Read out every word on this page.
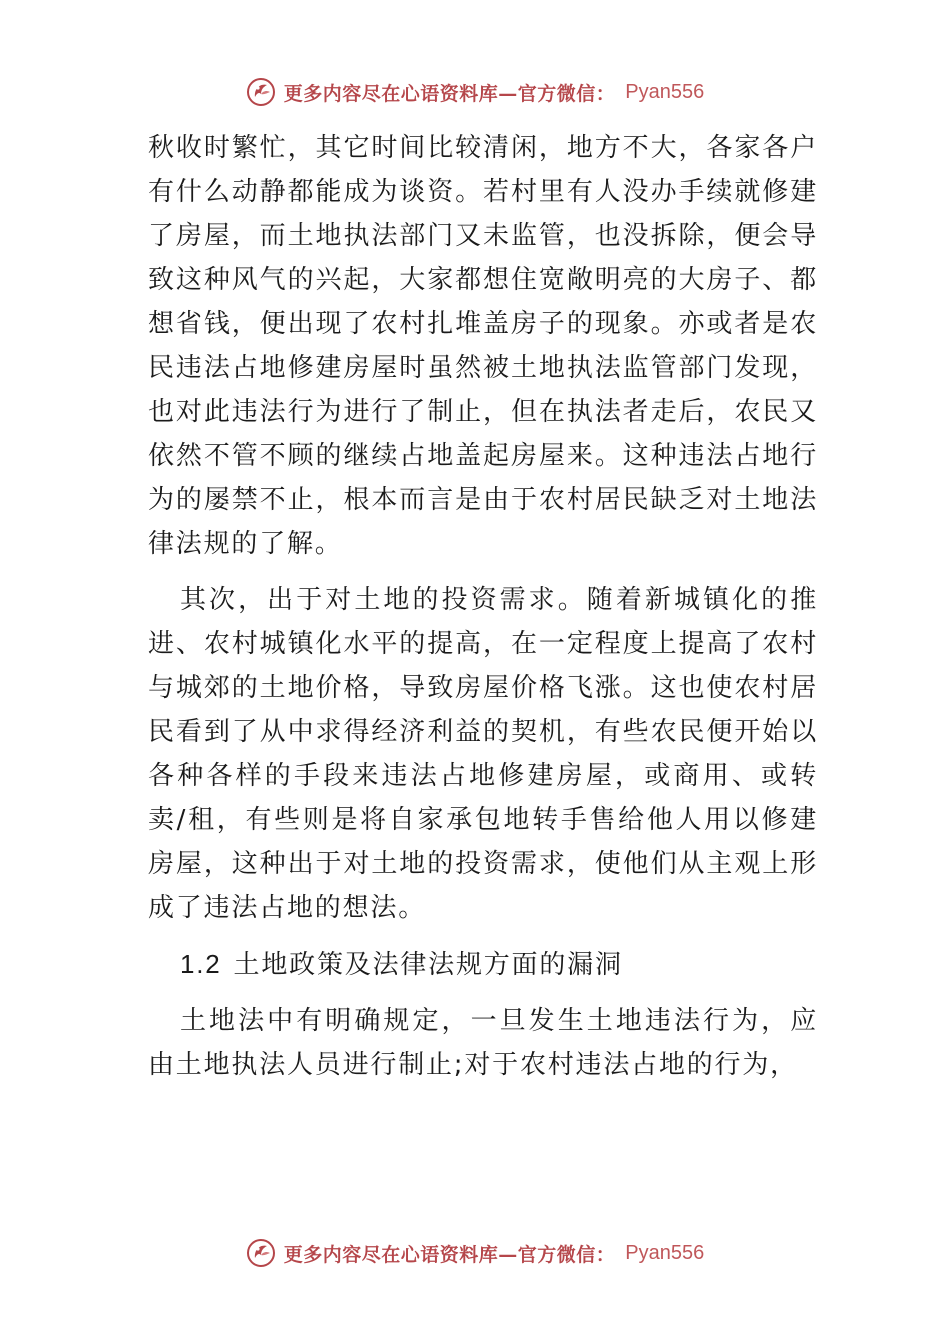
更多内容尽在心语资料库—官方微信： Pyan556

秋收时繁忙，其它时间比较清闲，地方不大，各家各户有什么动静都能成为谈资。若村里有人没办手续就修建了房屋，而土地执法部门又未监管，也没拆除，便会导致这种风气的兴起，大家都想住宽敞明亮的大房子、都想省钱，便出现了农村扎堆盖房子的现象。亦或者是农民违法占地修建房屋时虽然被土地执法监管部门发现，也对此违法行为进行了制止，但在执法者走后，农民又依然不管不顾的继续占地盖起房屋来。这种违法占地行为的屡禁不止，根本而言是由于农村居民缺乏对土地法律法规的了解。

其次，出于对土地的投资需求。随着新城镇化的推进、农村城镇化水平的提高，在一定程度上提高了农村与城郊的土地价格，导致房屋价格飞涨。这也使农村居民看到了从中求得经济利益的契机，有些农民便开始以各种各样的手段来违法占地修建房屋，或商用、或转卖/租，有些则是将自家承包地转手售给他人用以修建房屋，这种出于对土地的投资需求，使他们从主观上形成了违法占地的想法。

1.2 土地政策及法律法规方面的漏洞

土地法中有明确规定，一旦发生土地违法行为，应由土地执法人员进行制止;对于农村违法占地的行为，

更多内容尽在心语资料库—官方微信： Pyan556
